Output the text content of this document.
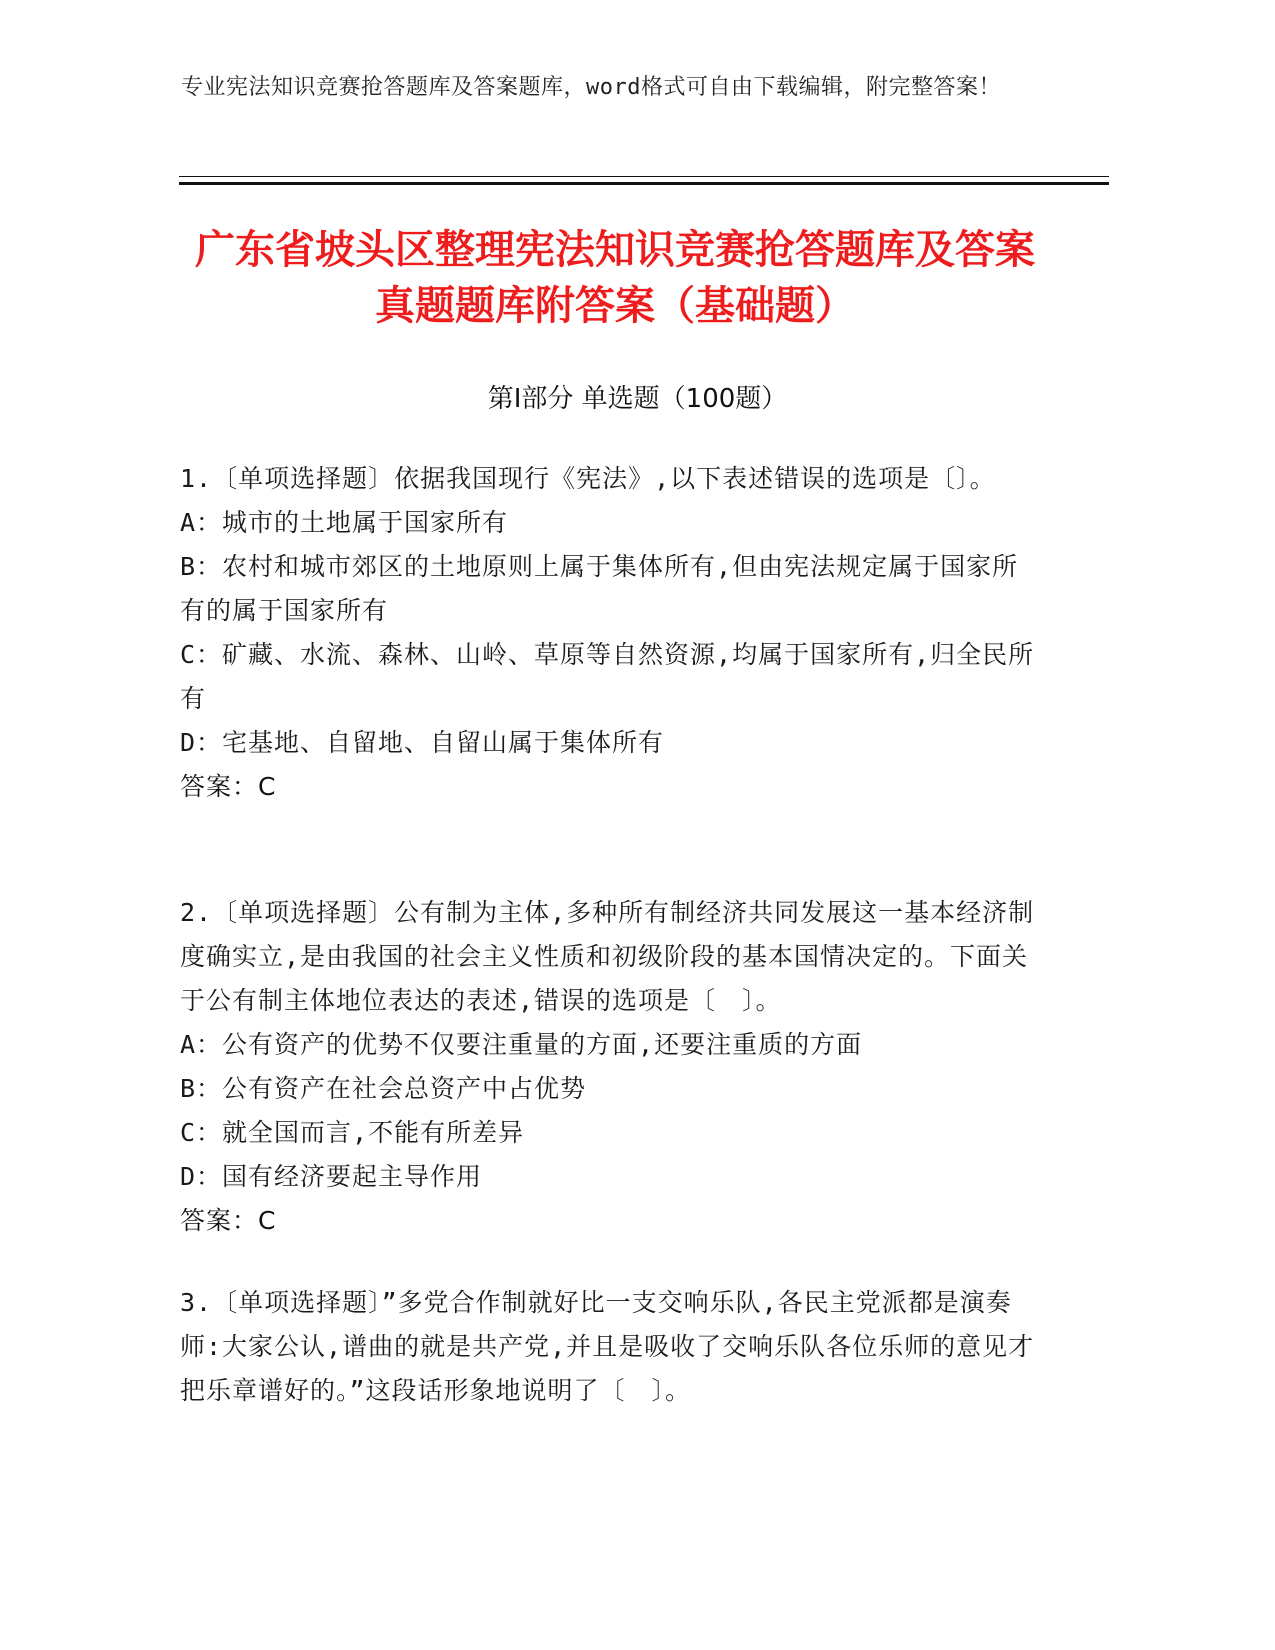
专业宪法知识竞赛抢答题库及答案题库，word格式可自由下载编辑，附完整答案！
广东省坡头区整理宪法知识竞赛抢答题库及答案真题题库附答案（基础题）
第Ⅰ部分 单选题（100题）

1.〔单项选择题〕依据我国现行《宪法》,以下表述错误的选项是〔〕。

A：城市的土地属于国家所有

B：农村和城市郊区的土地原则上属于集体所有,但由宪法规定属于国家所有的属于国家所有

C：矿藏、水流、森林、山岭、草原等自然资源,均属于国家所有,归全民所有

D：宅基地、自留地、自留山属于集体所有

答案：C

2.〔单项选择题〕公有制为主体,多种所有制经济共同发展这一基本经济制度确实立,是由我国的社会主义性质和初级阶段的基本国情决定的。下面关于公有制主体地位表达的表述,错误的选项是〔　〕。

A：公有资产的优势不仅要注重量的方面,还要注重质的方面

B：公有资产在社会总资产中占优势

C：就全国而言,不能有所差异

D：国有经济要起主导作用

答案：C

3.〔单项选择题〕”多党合作制就好比一支交响乐队,各民主党派都是演奏师:大家公认,谱曲的就是共产党,并且是吸收了交响乐队各位乐师的意见才把乐章谱好的。”这段话形象地说明了〔　〕。
